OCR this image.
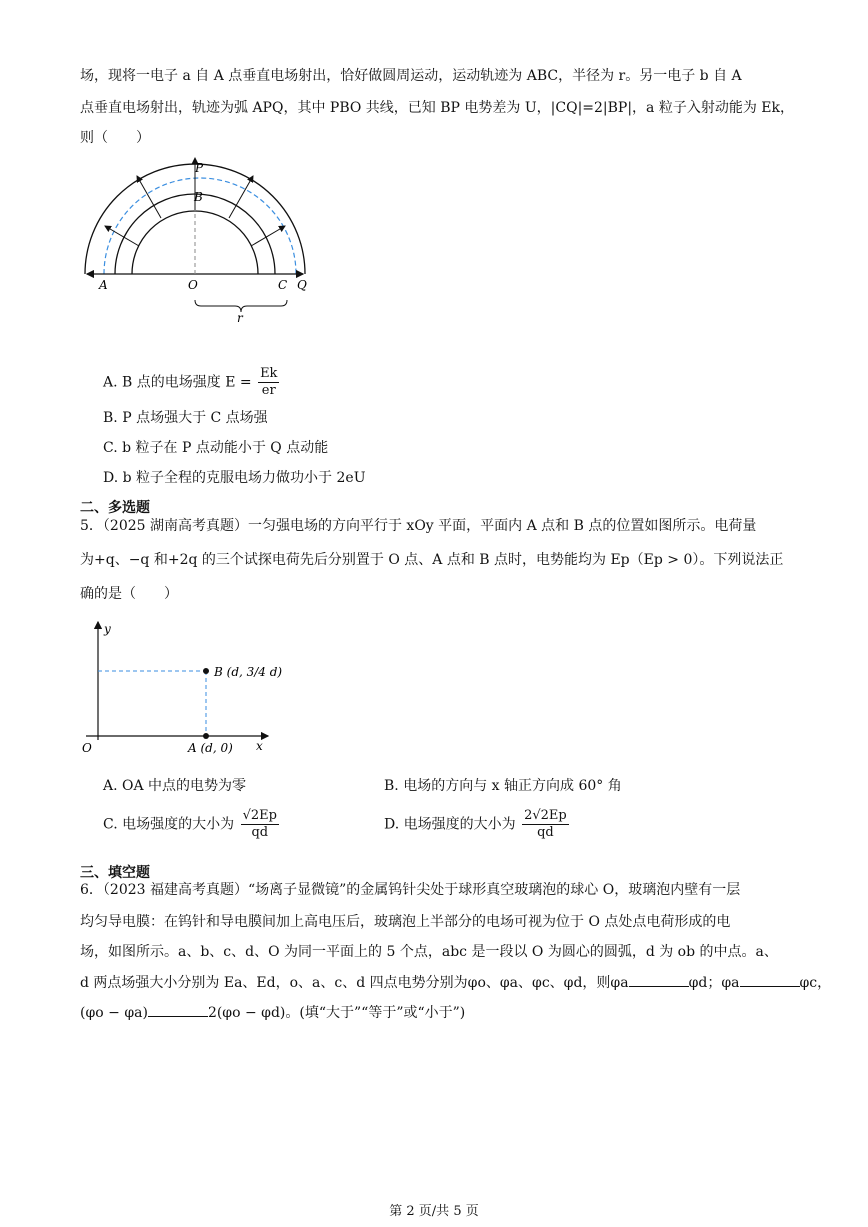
场，现将一电子 a 自 A 点垂直电场射出，恰好做圆周运动，运动轨迹为 ABC，半径为 r。另一电子 b 自 A
点垂直电场射出，轨迹为弧 APQ，其中 PBO 共线，已知 BP 电势差为 U，|CQ|=2|BP|，a 粒子入射动能为 Ek，
则（　　）
P
B
A	O	C Q
r
A. B 点的电场强度 $E = \frac{Ek}{er}$
B. P 点场强大于 C 点场强
C. b 粒子在 P 点动能小于 Q 点动能
D. b 粒子全程的克服电场力做功小于 2eU
二、多选题
5．（2025 湖南高考真题）一匀强电场的方向平行于 xOy 平面，平面内 A 点和 B 点的位置如图所示。电荷量
为+q、−q 和+2q 的三个试探电荷先后分别置于 O 点、A 点和 B 点时，电势能均为 Ep（Ep > 0）。下列说法正
确的是（　　）
y
x
O
B (d, 3/4 d)
A (d, 0)
A. OA 中点的电势为零	B. 电场的方向与 x 轴正方向成 60° 角
C. 电场强度的大小为 $\frac{√2Ep}{qd}$	D. 电场强度的大小为 $\frac{2√2Ep}{qd}$
三、填空题
6．（2023 福建高考真题）“场离子显微镜”的金属钨针尖处于球形真空玻璃泡的球心 O，玻璃泡内壁有一层
均匀导电膜：在钨针和导电膜间加上高电压后，玻璃泡上半部分的电场可视为位于 O 点处点电荷形成的电
场，如图所示。a、b、c、d、O 为同一平面上的 5 个点，abc 是一段以 O 为圆心的圆弧，d 为 ob 的中点。a、
d 两点场强大小分别为 Ea、Ed，o、a、c、d 四点电势分别为φo、φa、φc、φd，则φa	φd；φa	φc，
(φo − φa)	2(φo − φd)。(填“大于”“等于”或“小于”)
第 2 页/共 5 页
